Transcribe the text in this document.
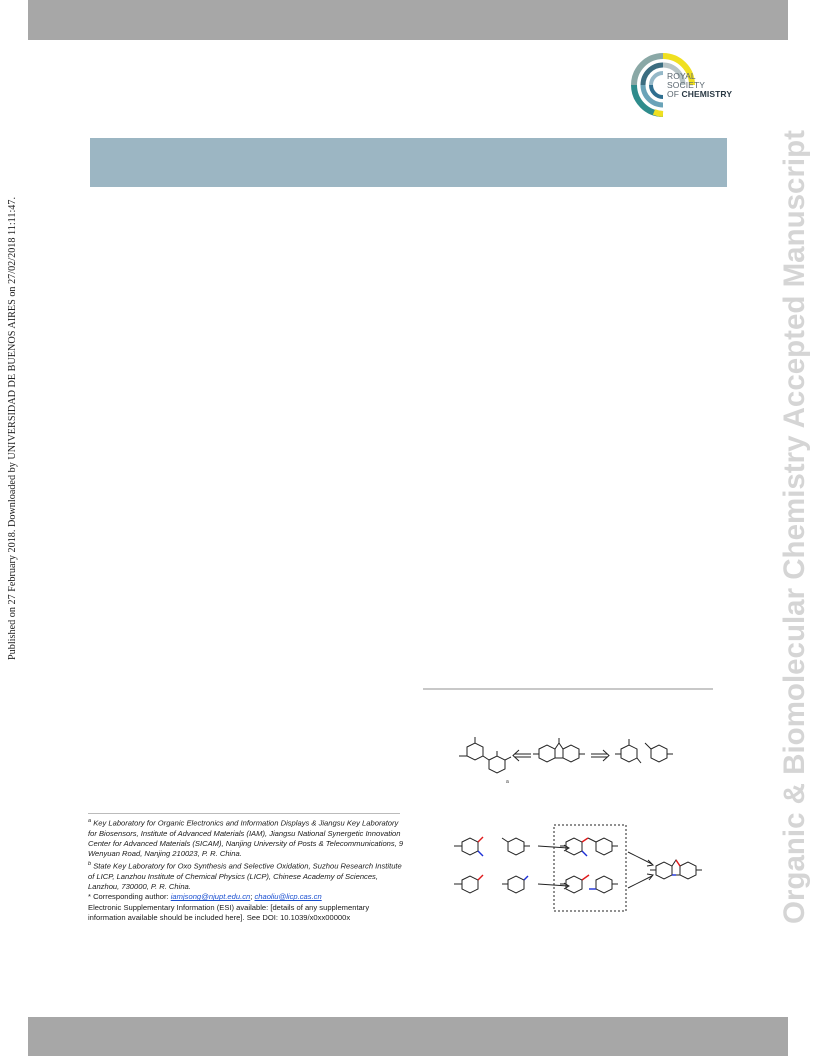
ROYAL SOCIETY
OF CHEMISTRY
Published on 27 February 2018. Downloaded by UNIVERSIDAD DE BUENOS AIRES on 27/02/2018 11:11:47.	Organic & Biomolecular Chemistry Accepted Manuscript
a
$^a$ Key Laboratory for Organic Electronics and Information Displays & Jiangsu Key Laboratory for Biosensors, Institute of Advanced Materials (IAM), Jiangsu National Synergetic Innovation Center for Advanced Materials (SICAM), Nanjing University of Posts & Telecommunications, 9 Wenyuan Road, Nanjing 210023, P. R. China.
$^b$ State Key Laboratory for Oxo Synthesis and Selective Oxidation, Suzhou Research Institute of LICP, Lanzhou Institute of Chemical Physics (LICP), Chinese Academy of Sciences, Lanzhou, 730000, P. R. China.
* Corresponding author: iamjsong@njupt.edu.cn; chaoliu@licp.cas.cn
Electronic Supplementary Information (ESI) available: [details of any supplementary information available should be included here]. See DOI: 10.1039/x0xx00000x
